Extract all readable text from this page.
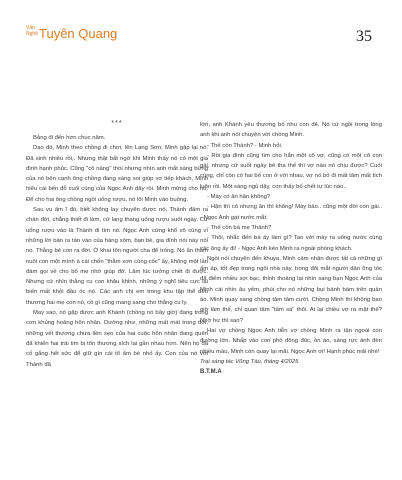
Văn
Nghệ Tuyên Quang	35
***

Bẵng đi đến hơn chục năm.

Dạo đó, Minh theo chồng đi chơi, lên Lạng Sơn, Minh gặp lại nó. Đã sinh nhiều rồi,. Nhưng thật bất ngờ khi Minh thấy nó có một gia đình hạnh phúc. Cũng "cô nàng" thói nhưng nhìn anh mắt sáng bừng của nó bên cạnh ông chồng đang sáng soi giúp vợ tiếp khách, Minh hiểu cái bến đỗ cuối cùng của Ngọc Anh đây rồi. Minh mừng cho nó. Để cho hai ông chồng ngồi uống rượu, nó lôi Minh vào buồng.

Sau vụ ấm ĩ đó, biết không lay chuyển được nó, Thành đâm ra chán đời, chẳng thiết đi làm, cứ lang thang uống rượu suốt ngày. Cứ uống rượu vào là Thành đi tìm nó. Ngọc Anh cứng khổ vô cùng vì những lời bàn ra tán vào của hàng xóm, bạn bè, gia đình nói này nói nọ. Thằng bé con ra đời. Ở khai tôn người cha để trống. Nó ẩn thầm nuôi con một mình à cái chốn "thằm xơn cùng cốc" ấy, không một lần dám gọi về cho bố mẹ nhớ giúp đỡ. Lâm lúc tưởng chết đi được. Nhưng cứ nhìn thằng cu con khảu khỉnh, những ý nghĩ tiêu cực lại biến mất khỏi đầu óc nó. Các anh chị em trong khu tập thể đều thương hai mẹ con nó, có gì cũng mang sang cho thằng cu ly.

May sao, nó gặp được anh Khánh (chồng nó bây giờ) đang trong cơn khủng hoảng hôn nhân. Dường như, những mất mát trong đời, những vết thương chưa liền sẹo của hai cuộc hôn nhân đang quên đã khiến hai trái tim bị tổn thương xích lại gần nhau hơn. Nên họ đã cố gắng hết sức để giữ gìn cái tổ ấm bé nhỏ ấy. Con của nó với Thành đã

lớn, anh Khánh yêu thương bố nhu con đẻ. Nó cứ ngồi trong lòng anh khi anh nói chuyện với chồng Minh.

- Thế còn Thành? - Minh hỏi.

- Rồi gia đình cũng tìm cho hắn một cô vợ, cũng có một cô con gái, nhưng cứ suốt ngày bê tha thế thì vợ nào nó chịu được? Cuối cùng, chỉ còn có hai bố con ở với nhau, vợ nó bỏ đi mất tăm mất tích luôn rồi. Một sáng ngủ dậy, con thấy bố chết tự lúc nào..

- Mày có ân hận không?

- Hận thì có nhưng ân thì không! Mày bảo.. cũng một đời con gái.. - Ngọc Anh gạt nước mắt.

- Thế còn bà mẹ Thành?

- Thôi, nhắc đến bà ấy làm gì? Tao với mày ra uống nước cùng các ông ấy đi! - Ngọc Anh kéo Minh ra ngoài phòng khách.

Ngồi nói chuyện đến khuya, Minh cảm nhận được tất cả những gì ấm áp, tốt đẹp trong ngôi nhà này, trong đôi mắt người đàn ông tóc đã điểm nhiều sợi bạc, thỉnh thoảng lại nhìn sang bạn Ngọc Anh của Minh cái nhìn âu yếm, phúi cho nó những bụi bánh bám trên quần áo. Minh quay sang chồng tâm tâm cười. Chồng Minh thì không bao giờ làm thế, chỉ quan tâm "tấm sa" thôi. Ai lại chiều vợ ra mặt thế? Nhớ hư thì sao?

Hai vợ chồng Ngọc Anh tiễn vợ chồng Minh ra tận ngoài con đường lớn. Nhấp vào con phố đông đúc, ồn ào, sáng rực ánh đèn nhiều màu, Minh còn quay lại mãi. Ngọc Anh ơi! Hạnh phúc mãi nhé!

Trại sáng tác Vũng Tàu, tháng 4/2025

B.T.M.A
